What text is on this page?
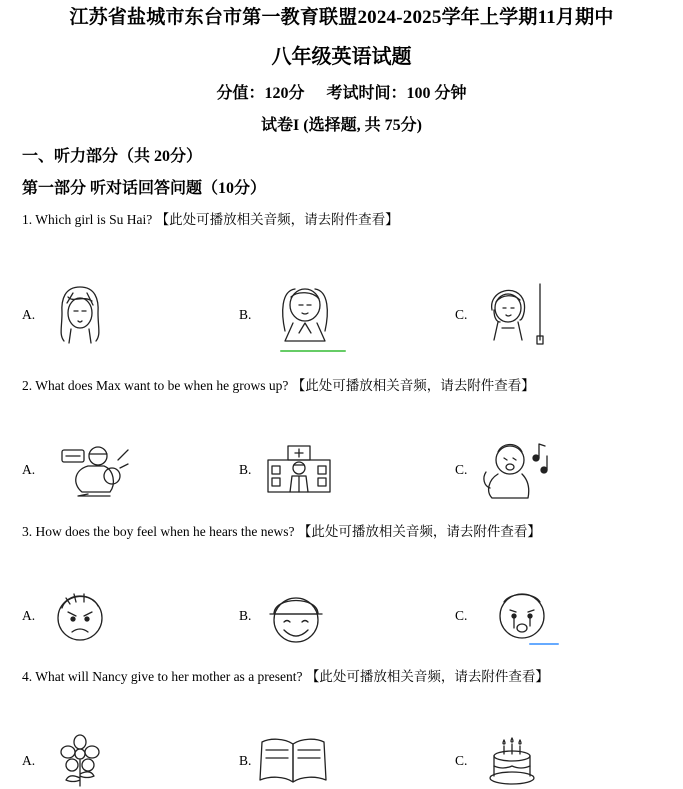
江苏省盐城市东台市第一教育联盟2024-2025学年上学期11月期中
八年级英语试题
分值：120分 考试时间：100 分钟
试卷I (选择题, 共 75分)
一、听力部分（共 20分）
第一部分 听对话回答问题（10分）
1. Which girl is Su Hai? 【此处可播放相关音频，请去附件查看】
A.	B.	C.
2. What does Max want to be when he grows up? 【此处可播放相关音频，请去附件查看】
A.	B.	C.
3. How does the boy feel when he hears the news? 【此处可播放相关音频，请去附件查看】
A.	B.	C.
4. What will Nancy give to her mother as a present? 【此处可播放相关音频，请去附件查看】
A.	B.	C.
